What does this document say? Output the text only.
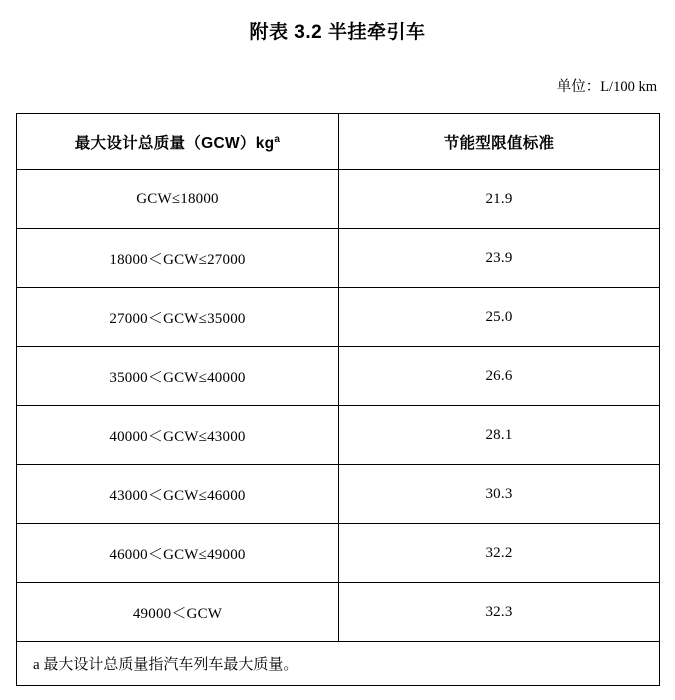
附表 3.2 半挂牵引车
单位：L/100 km
最大设计总质量$(GCW)kg^a$	节能型限值标准
GCW≤18000	21.9
18000＜GCW≤27000	23.9
27000＜GCW≤35000	25.0
35000＜GCW≤40000	26.6
40000＜GCW≤43000	28.1
43000＜GCW≤46000	30.3
46000＜GCW≤49000	32.2
49000＜GCW	32.3
a 最大设计总质量指汽车列车最大质量。	
